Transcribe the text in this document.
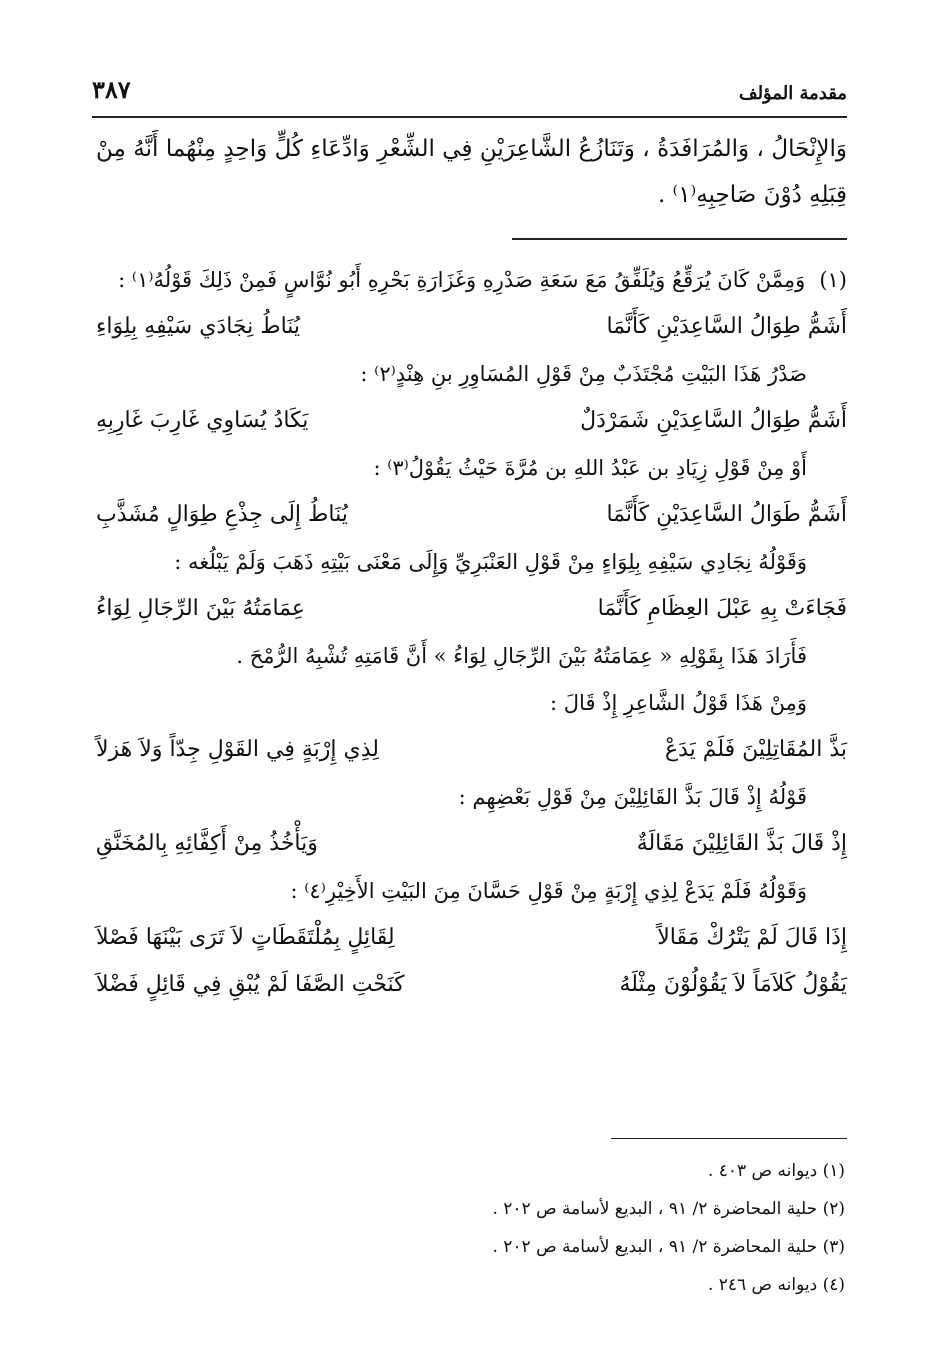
مقدمة المؤلف
٣٨٧

وَالإِنْحَالُ ، وَالمُرَافَدَةُ ، وَتَنَازُعُ الشَّاعِرَيْنِ فِي الشِّعْرِ وَادِّعَاءِ كُلٍّ وَاحِدٍ مِنْهُما أَنَّهُ مِنْ قِبَلِهِ دُوْنَ صَاحِبِهِ⁽١⁾ .

(١)
وَمِمَّنْ كَانَ يُرَقِّعُ وَيُلَفِّقُ مَعَ سَعَةِ صَدْرِهِ وَغَزَارَةِ بَحْرِهِ أَبُو نُوَّاسٍ فَمِنْ ذَلِكَ قَوْلُهُ⁽١⁾ :
أَشَمُّ طِوَالُ السَّاعِدَيْنِ كَأَنَّمَا
يُنَاطُ نِجَادَي سَيْفِهِ بِلِوَاءِ
صَدْرُ هَذَا البَيْتِ مُجْتَذَبٌ مِنْ قَوْلِ المُسَاوِرِ بنِ هِنْدٍ⁽٢⁾ :
أَشَمُّ طِوَالُ السَّاعِدَيْنِ شَمَرْدَلٌ
يَكَادُ يُسَاوِي غَارِبَ غَارِبِهِ
أَوْ مِنْ قَوْلِ زِيَادِ بن عَبْدُ اللهِ بن مُرَّةَ حَيْثُ يَقُوْلُ⁽٣⁾ :
أَشَمُّ طَوَالُ السَّاعِدَيْنِ كَأَنَّمَا
يُنَاطُ إِلَى جِذْعِ طِوَالٍ مُشَذَّبِ
وَقَوْلُهُ نِجَادِي سَيْفِهِ بِلِوَاءٍ مِنْ قَوْلِ العَنْبَرِيِّ وَإِلَى مَعْنَى بَيْتِهِ ذَهَبَ وَلَمْ يَبْلُغه :
فَجَاءَتْ بِهِ عَبْلَ العِظَامِ كَأَنَّمَا
عِمَامَتُهُ بَيْنَ الرِّجَالِ لِوَاءُ
فَأَرَادَ هَذَا بِقَوْلِهِ « عِمَامَتُهُ بَيْنَ الرِّجَالِ لِوَاءُ » أَنَّ قَامَتِهِ تُشْبِهُ الرُّمْحَ .
وَمِنْ هَذَا قَوْلُ الشَّاعِرِ إِذْ قَالَ :
بَذَّ المُقَاتِلِيْنَ فَلَمْ يَدَعْ
لِذِي إِرْبَةٍ فِي القَوْلِ جِدّاً وَلاَ هَزلاً
قَوْلُهُ إِذْ قَالَ بَذَّ القَائِلِيْنَ مِنْ قَوْلِ بَعْضِهِم :
إِذْ قَالَ بَذَّ القَائِلِيْنَ مَقَالَةٌ
وَيَأْخُذُ مِنْ أَكِفَّائِهِ بِالمُخَنَّقِ
وَقَوْلُهُ فَلَمْ يَدَعْ لِذِي إِرْبَةٍ مِنْ قَوْلِ حَسَّانَ مِنَ البَيْتِ الأَخِيْرِ⁽٤⁾ :
إِذَا قَالَ لَمْ يَتْرُكْ مَقَالاً
لِقَائِلٍ بِمُلْتَقَطَاتٍ لاَ تَرَى بَيْنَهَا فَصْلاَ
يَقُوْلُ كَلاَمَاً لاَ يَقُوْلُوْنَ مِثْلَهُ
كَنَحْتِ الصَّفَا لَمْ يُبْقِ فِي قَائِلٍ فَضْلاَ
(١) ديوانه ص ٤٠٣ .
(٢) حلية المحاضرة ٢/ ٩١ ، البديع لأسامة ص ٢٠٢ .
(٣) حلية المحاضرة ٢/ ٩١ ، البديع لأسامة ص ٢٠٢ .
(٤) ديوانه ص ٢٤٦ .
